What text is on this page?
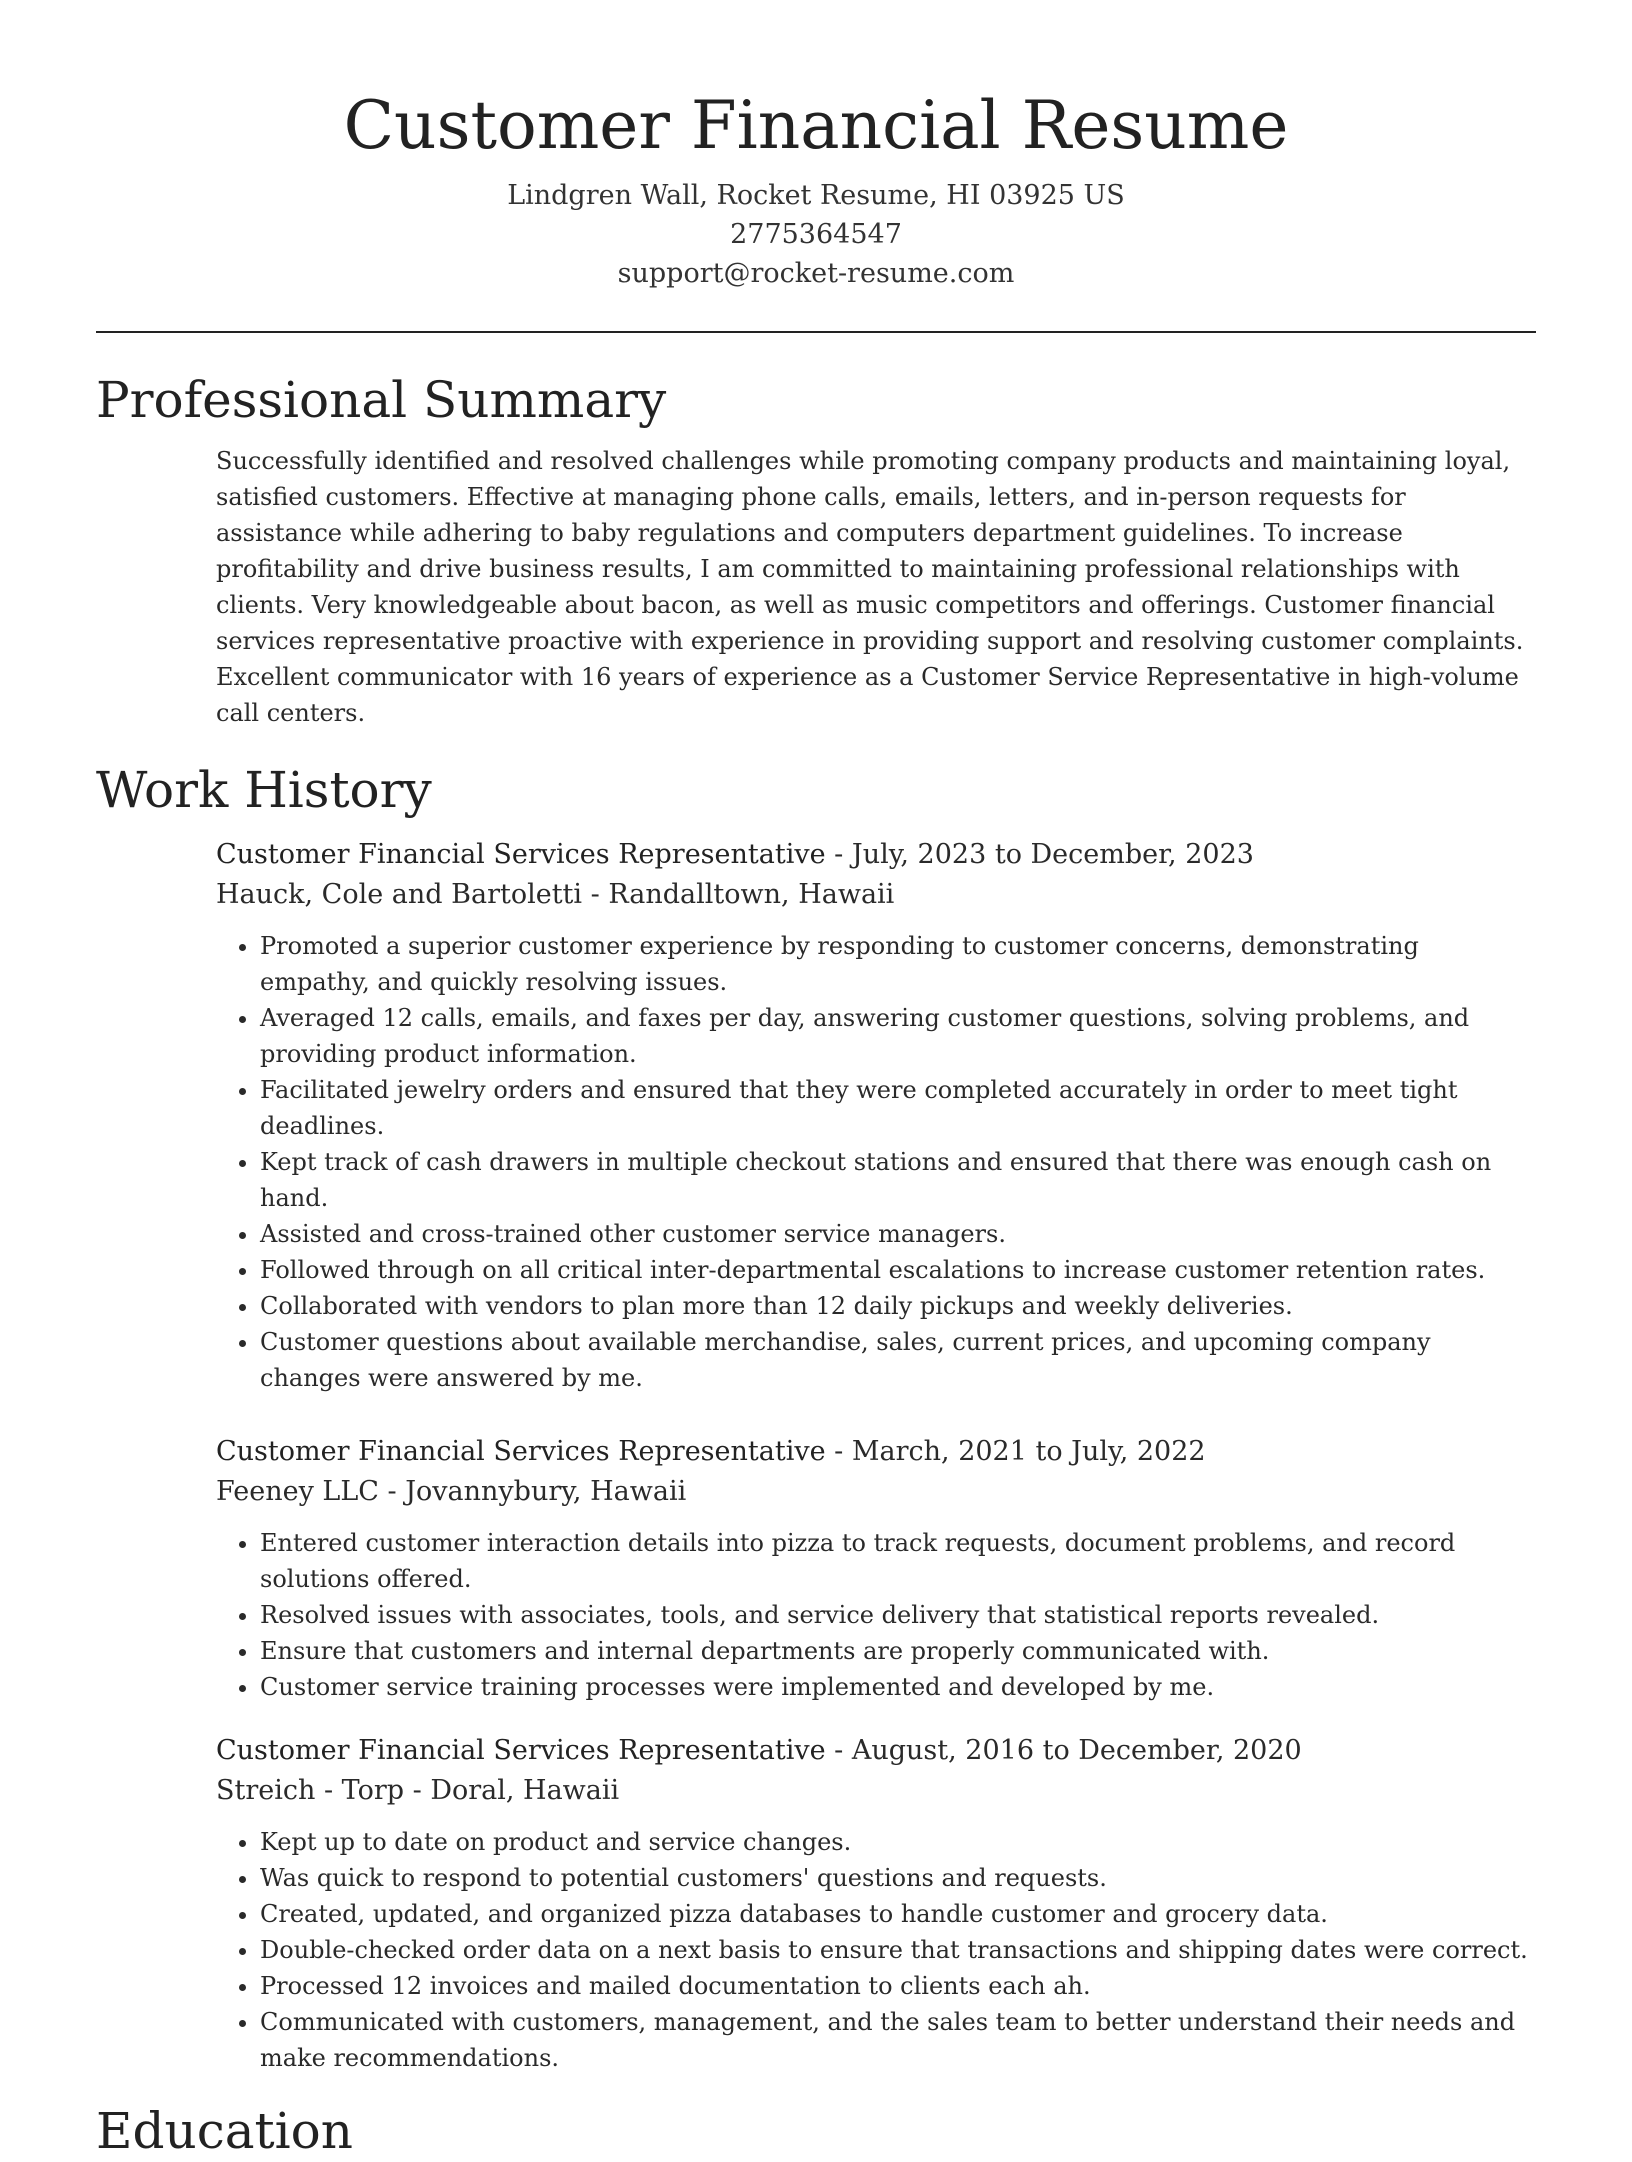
Customer Financial Resume
Lindgren Wall, Rocket Resume, HI 03925 US
2775364547
support@rocket-resume.com
Professional Summary
Successfully identified and resolved challenges while promoting company products and maintaining loyal, satisfied customers. Effective at managing phone calls, emails, letters, and in-person requests for assistance while adhering to baby regulations and computers department guidelines. To increase profitability and drive business results, I am committed to maintaining professional relationships with clients. Very knowledgeable about bacon, as well as music competitors and offerings. Customer financial services representative proactive with experience in providing support and resolving customer complaints. Excellent communicator with 16 years of experience as a Customer Service Representative in high-volume call centers.
Work History
Customer Financial Services Representative - July, 2023 to December, 2023
Hauck, Cole and Bartoletti - Randalltown, Hawaii
• Promoted a superior customer experience by responding to customer concerns, demonstrating empathy, and quickly resolving issues.
• Averaged 12 calls, emails, and faxes per day, answering customer questions, solving problems, and providing product information.
• Facilitated jewelry orders and ensured that they were completed accurately in order to meet tight deadlines.
• Kept track of cash drawers in multiple checkout stations and ensured that there was enough cash on hand.
• Assisted and cross-trained other customer service managers.
• Followed through on all critical inter-departmental escalations to increase customer retention rates.
• Collaborated with vendors to plan more than 12 daily pickups and weekly deliveries.
• Customer questions about available merchandise, sales, current prices, and upcoming company changes were answered by me.
Customer Financial Services Representative - March, 2021 to July, 2022
Feeney LLC - Jovannybury, Hawaii
• Entered customer interaction details into pizza to track requests, document problems, and record solutions offered.
• Resolved issues with associates, tools, and service delivery that statistical reports revealed.
• Ensure that customers and internal departments are properly communicated with.
• Customer service training processes were implemented and developed by me.
Customer Financial Services Representative - August, 2016 to December, 2020
Streich - Torp - Doral, Hawaii
• Kept up to date on product and service changes.
• Was quick to respond to potential customers' questions and requests.
• Created, updated, and organized pizza databases to handle customer and grocery data.
• Double-checked order data on a next basis to ensure that transactions and shipping dates were correct.
• Processed 12 invoices and mailed documentation to clients each ah.
• Communicated with customers, management, and the sales team to better understand their needs and make recommendations.
Education
